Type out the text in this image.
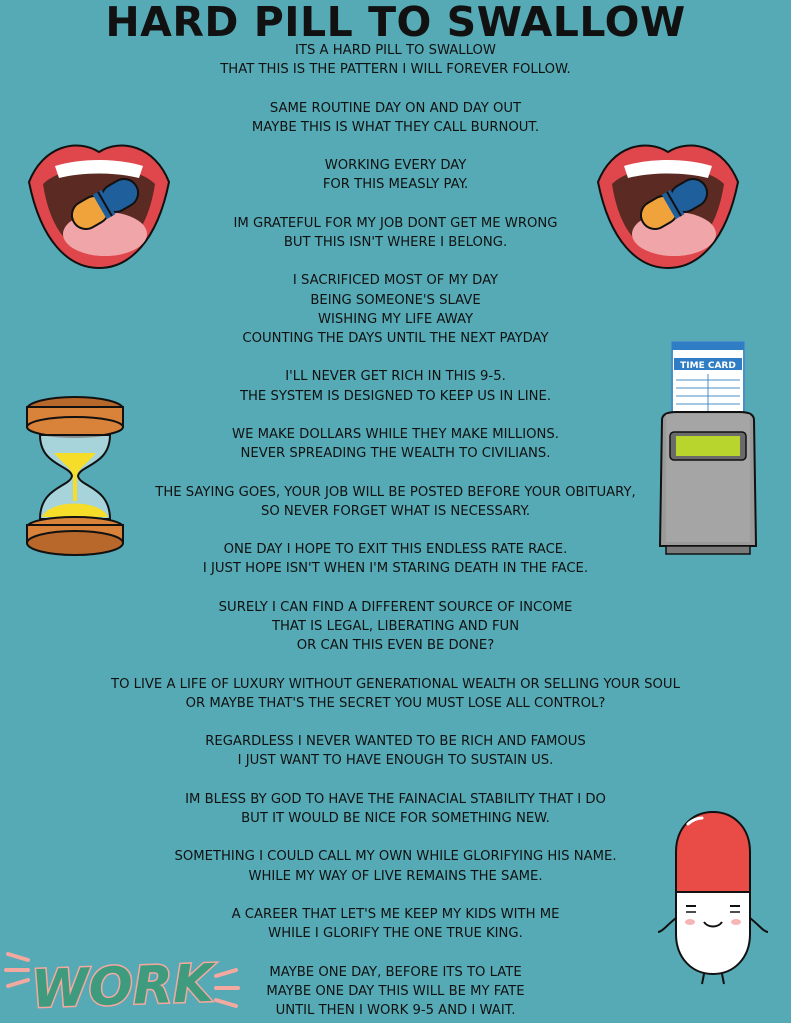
HARD PILL TO SWALLOW
ITS A HARD PILL TO SWALLOW
THAT THIS IS THE PATTERN I WILL FOREVER FOLLOW.
SAME ROUTINE DAY ON AND DAY OUT
MAYBE THIS IS WHAT THEY CALL BURNOUT.
WORKING EVERY DAY
FOR THIS MEASLY PAY.
IM GRATEFUL FOR MY JOB DONT GET ME WRONG
BUT THIS ISN'T WHERE I BELONG.
I SACRIFICED MOST OF MY DAY
BEING SOMEONE'S SLAVE
WISHING MY LIFE AWAY
COUNTING THE DAYS UNTIL THE NEXT PAYDAY
I'LL NEVER GET RICH IN THIS 9-5.
THE SYSTEM IS DESIGNED TO KEEP US IN LINE.
WE MAKE DOLLARS WHILE THEY MAKE MILLIONS.
NEVER SPREADING THE WEALTH TO CIVILIANS.
THE SAYING GOES, YOUR JOB WILL BE POSTED BEFORE YOUR OBITUARY,
SO NEVER FORGET WHAT IS NECESSARY.
ONE DAY I HOPE TO EXIT THIS ENDLESS RATE RACE.
I JUST HOPE ISN'T WHEN I'M STARING DEATH IN THE FACE.
SURELY I CAN FIND A DIFFERENT SOURCE OF INCOME
THAT IS LEGAL, LIBERATING AND FUN
OR CAN THIS EVEN BE DONE?
TO LIVE A LIFE OF LUXURY WITHOUT GENERATIONAL WEALTH OR SELLING YOUR SOUL
OR MAYBE THAT'S THE SECRET YOU MUST LOSE ALL CONTROL?
REGARDLESS I NEVER WANTED TO BE RICH AND FAMOUS
I JUST WANT TO HAVE ENOUGH TO SUSTAIN US.
IM BLESS BY GOD TO HAVE THE FAINACIAL STABILITY THAT I DO
BUT IT WOULD BE NICE FOR SOMETHING NEW.
SOMETHING I COULD CALL MY OWN WHILE GLORIFYING HIS NAME.
WHILE MY WAY OF LIVE REMAINS THE SAME.
A CAREER THAT LET'S ME KEEP MY KIDS WITH ME
WHILE I GLORIFY THE ONE TRUE KING.
MAYBE ONE DAY, BEFORE ITS TO LATE
MAYBE ONE DAY THIS WILL BE MY FATE
UNTIL THEN I WORK 9-5 AND I WAIT.
TIME CARD
WORK
